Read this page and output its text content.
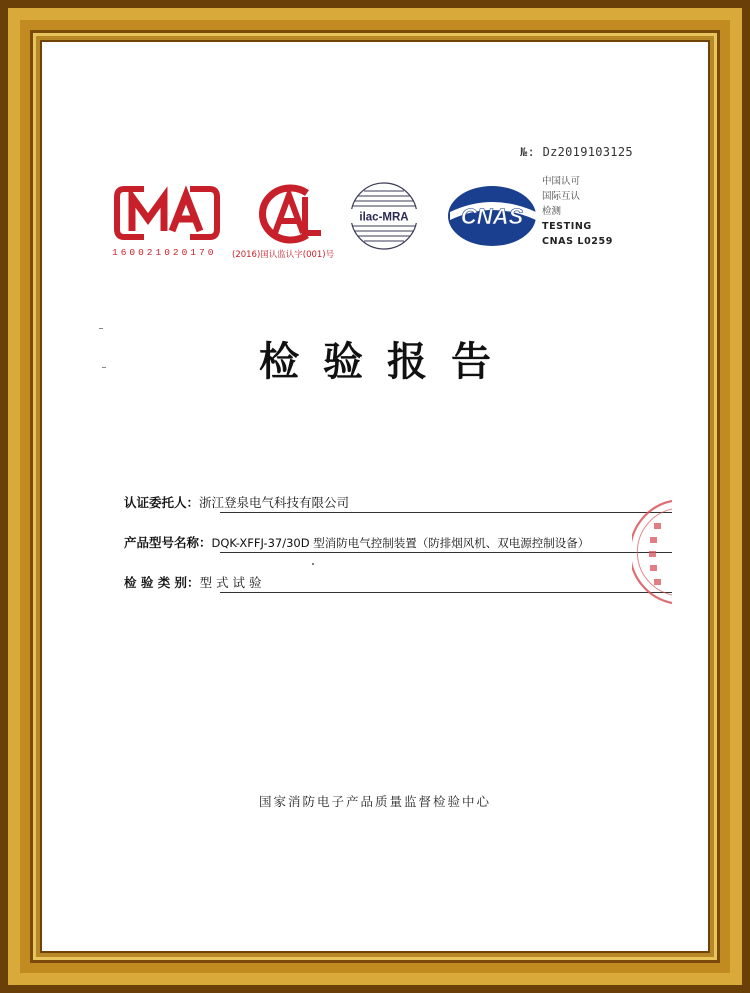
№: Dz2019103125
160021020170 (2016)国认监认字(001)号
ilac-MRA CNAS
中国认可
国际互认
检测
TESTING
CNAS L0259
检验报告
认证委托人：浙江登泉电气科技有限公司
产品型号名称：DQK-XFFJ-37/30D 型消防电气控制装置（防排烟风机、双电源控制设备）
检 验 类 别：型 式 试 验
国家消防电子产品质量监督检验中心
